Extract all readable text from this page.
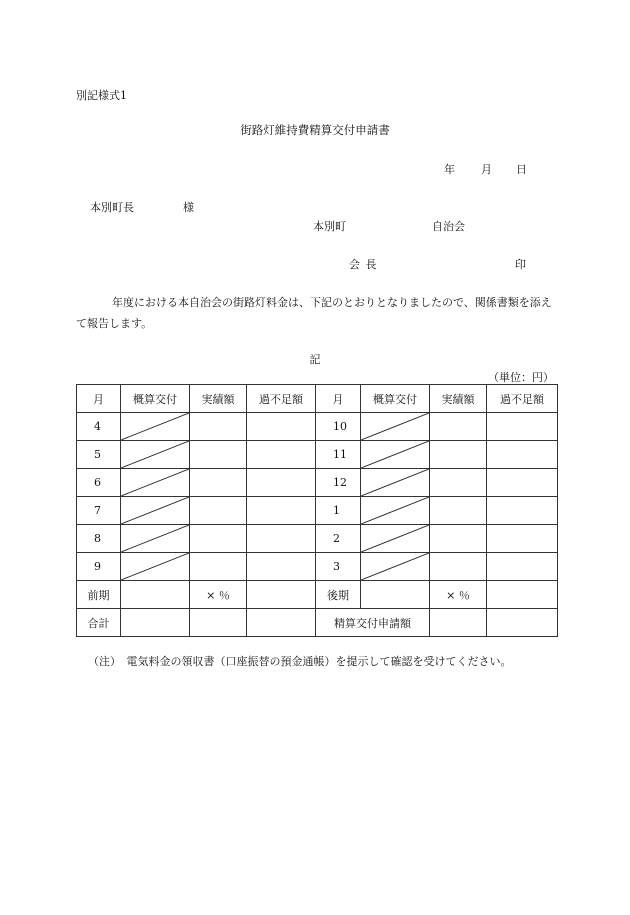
別記様式1
街路灯維持費精算交付申請書
年 月 日
本別町長	様
本別町	自治会
会 長	印
年度における本自治会の街路灯料金は、下記のとおりとなりましたので、関係書類を添えて報告します。
記
（単位：円）
月	概算交付	実績額	過不足額	月	概算交付	実績額	過不足額
4				10	

5				11	

6				12	

7				1	

8				2	

9				3	

前期		× ％		後期		× ％	
合計				精算交付申請額			
（注）　電気料金の領収書（口座振替の預金通帳）を提示して確認を受けてください。
